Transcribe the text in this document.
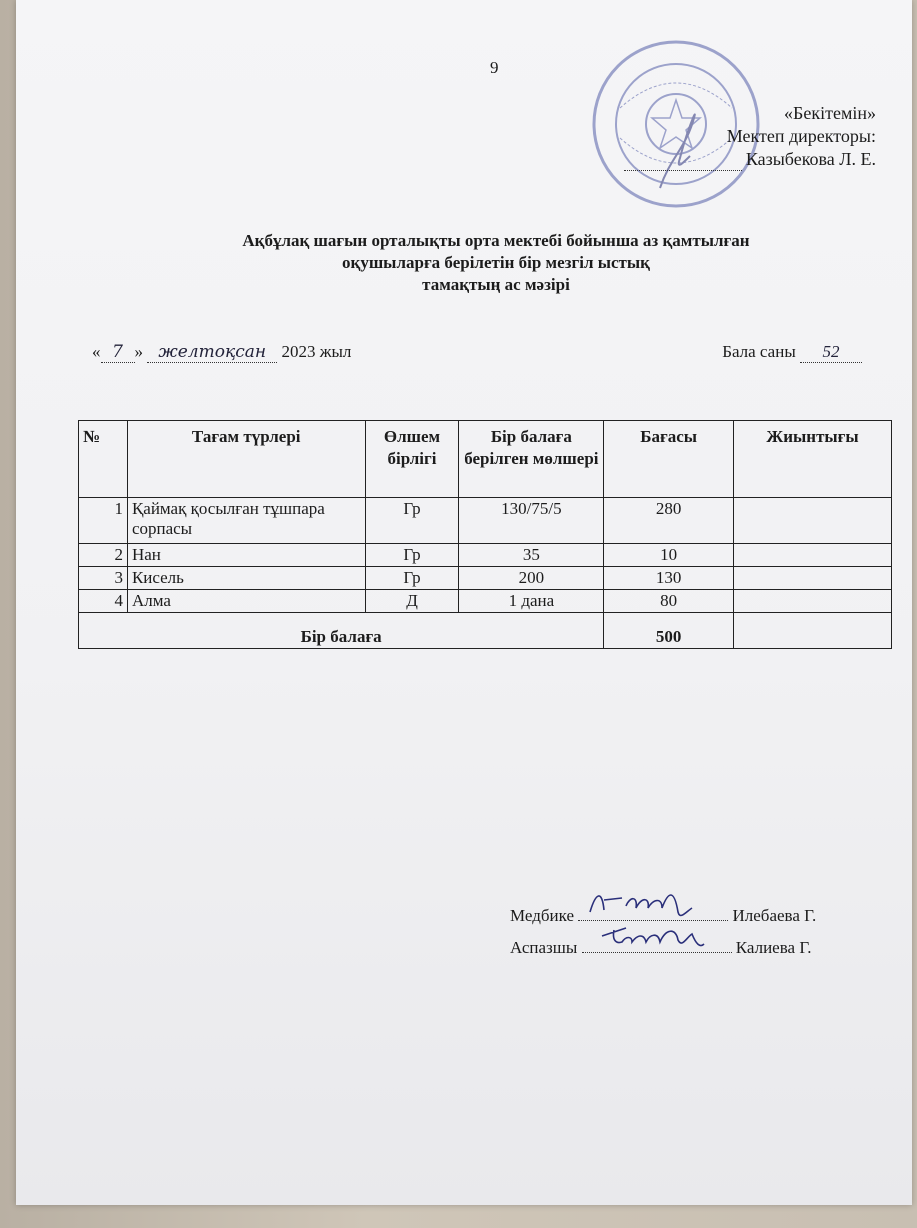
9
«Бекітемін»
Мектеп директоры:
Казыбекова Л. Е.
Ақбұлақ шағын орталықты орта мектебі бойынша аз қамтылған
оқушыларға берілетін бір мезгіл ыстық
тамақтың ас мәзірі
« 7 » желтоқсан 2023 жыл	Бала саны 52
№	Тағам түрлері	Өлшем бірлігі	Бір балаға берілген мөлшері	Бағасы	Жиынтығы
1	Қаймақ қосылған тұшпара сорпасы	Гр	130/75/5	280	
2	Нан	Гр	35	10	
3	Кисель	Гр	200	130	
4	Алма	Д	1 дана	80	
Бір балаға				500	
Медбике	Илебаева Г.
Аспазшы	Калиева Г.
